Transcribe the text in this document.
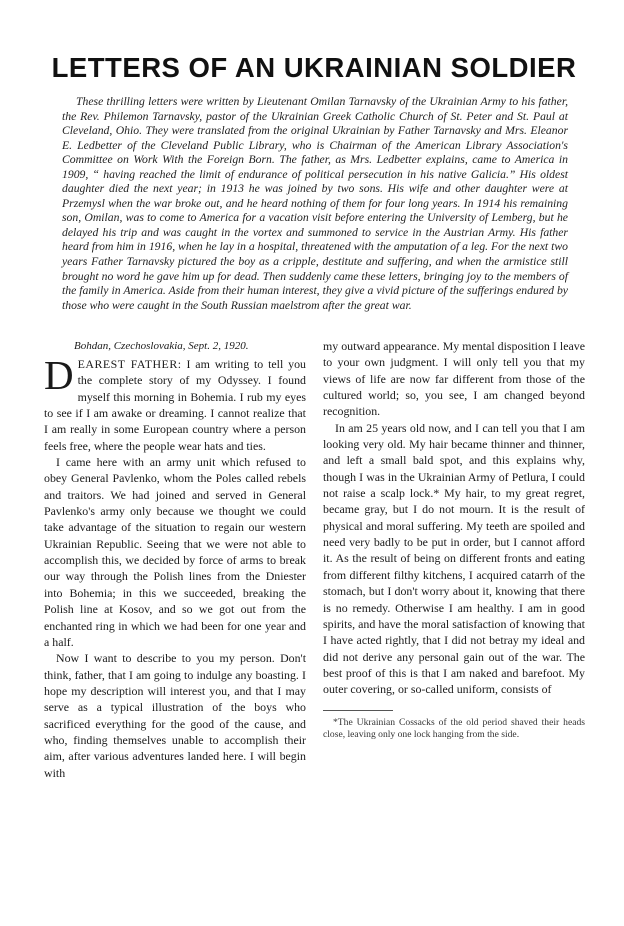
LETTERS OF AN UKRAINIAN SOLDIER

These thrilling letters were written by Lieutenant Omilan Tarnavsky of the Ukrainian Army to his father, the Rev. Philemon Tarnavsky, pastor of the Ukrainian Greek Catholic Church of St. Peter and St. Paul at Cleveland, Ohio. They were translated from the original Ukrainian by Father Tarnavsky and Mrs. Eleanor E. Ledbetter of the Cleveland Public Library, who is Chairman of the American Library Association's Committee on Work With the Foreign Born. The father, as Mrs. Ledbetter explains, came to America in 1909, “ having reached the limit of endurance of political persecution in his native Galicia.” His oldest daughter died the next year; in 1913 he was joined by two sons. His wife and other daughter were at Przemysl when the war broke out, and he heard nothing of them for four long years. In 1914 his remaining son, Omilan, was to come to America for a vacation visit before entering the University of Lemberg, but he delayed his trip and was caught in the vortex and summoned to service in the Austrian Army. His father heard from him in 1916, when he lay in a hospital, threatened with the amputation of a leg. For the next two years Father Tarnavsky pictured the boy as a cripple, destitute and suffering, and when the armistice still brought no word he gave him up for dead. Then suddenly came these letters, bringing joy to the members of the family in America. Aside from their human interest, they give a vivid picture of the sufferings endured by those who were caught in the South Russian maelstrom after the great war.

Bohdan, Czechoslovakia, Sept. 2, 1920.

DEAREST FATHER: I am writing to tell you the complete story of my Odyssey. I found myself this morning in Bohemia. I rub my eyes to see if I am awake or dreaming. I cannot realize that I am really in some European country where a person feels free, where the people wear hats and ties.

I came here with an army unit which refused to obey General Pavlenko, whom the Poles called rebels and traitors. We had joined and served in General Pavlenko's army only because we thought we could take advantage of the situation to regain our western Ukrainian Republic. Seeing that we were not able to accomplish this, we decided by force of arms to break our way through the Polish lines from the Dniester into Bohemia; in this we succeeded, breaking the Polish line at Kosov, and so we got out from the enchanted ring in which we had been for one year and a half.

Now I want to describe to you my person. Don't think, father, that I am going to indulge any boasting. I hope my description will interest you, and that I may serve as a typical illustration of the boys who sacrificed everything for the good of the cause, and who, finding themselves unable to accomplish their aim, after various adventures landed here. I will begin with

my outward appearance. My mental disposition I leave to your own judgment. I will only tell you that my views of life are now far different from those of the cultured world; so, you see, I am changed beyond recognition.

In am 25 years old now, and I can tell you that I am looking very old. My hair became thinner and thinner, and left a small bald spot, and this explains why, though I was in the Ukrainian Army of Petlura, I could not raise a scalp lock.* My hair, to my great regret, became gray, but I do not mourn. It is the result of physical and moral suffering. My teeth are spoiled and need very badly to be put in order, but I cannot afford it. As the result of being on different fronts and eating from different filthy kitchens, I acquired catarrh of the stomach, but I don't worry about it, knowing that there is no remedy. Otherwise I am healthy. I am in good spirits, and have the moral satisfaction of knowing that I have acted rightly, that I did not betray my ideal and did not derive any personal gain out of the war. The best proof of this is that I am naked and barefoot. My outer covering, or so-called uniform, consists of

*The Ukrainian Cossacks of the old period shaved their heads close, leaving only one lock hanging from the side.
